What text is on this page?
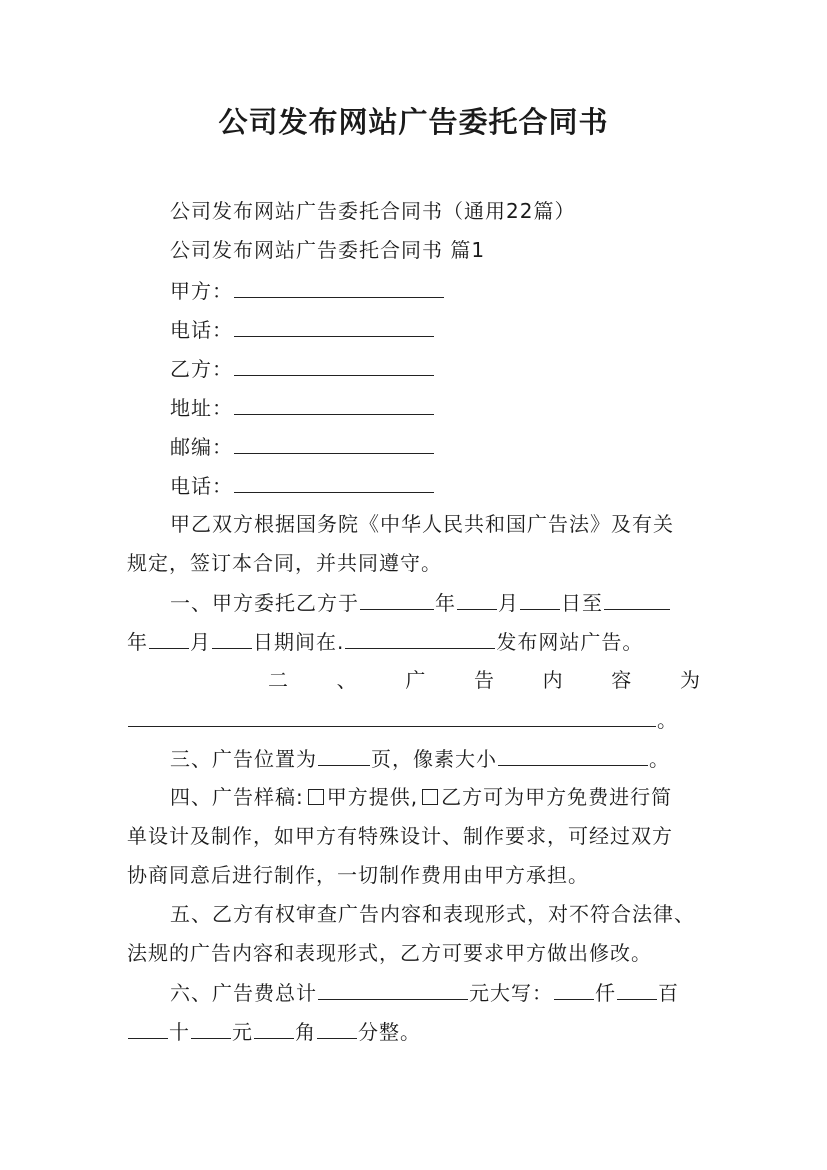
公司发布网站广告委托合同书
公司发布网站广告委托合同书（通用22篇）
公司发布网站广告委托合同书 篇1
甲方：
电话：
乙方：
地址：
邮编：
电话：
甲乙双方根据国务院《中华人民共和国广告法》及有关
规定，签订本合同，并共同遵守。
一、甲方委托乙方于	年 月 日至
年 月 日期间在.	发布网站广告。
二 、 广 告 内 容 为
。
三、广告位置为	页，像素大小	。
四、广告样稿: 甲方提供, 乙方可为甲方免费进行简
单设计及制作，如甲方有特殊设计、制作要求，可经过双方
协商同意后进行制作，一切制作费用由甲方承担。
五、乙方有权审查广告内容和表现形式，对不符合法律、
法规的广告内容和表现形式，乙方可要求甲方做出修改。
六、广告费总计	元大写： 仟 百
十 元 角 分整。
